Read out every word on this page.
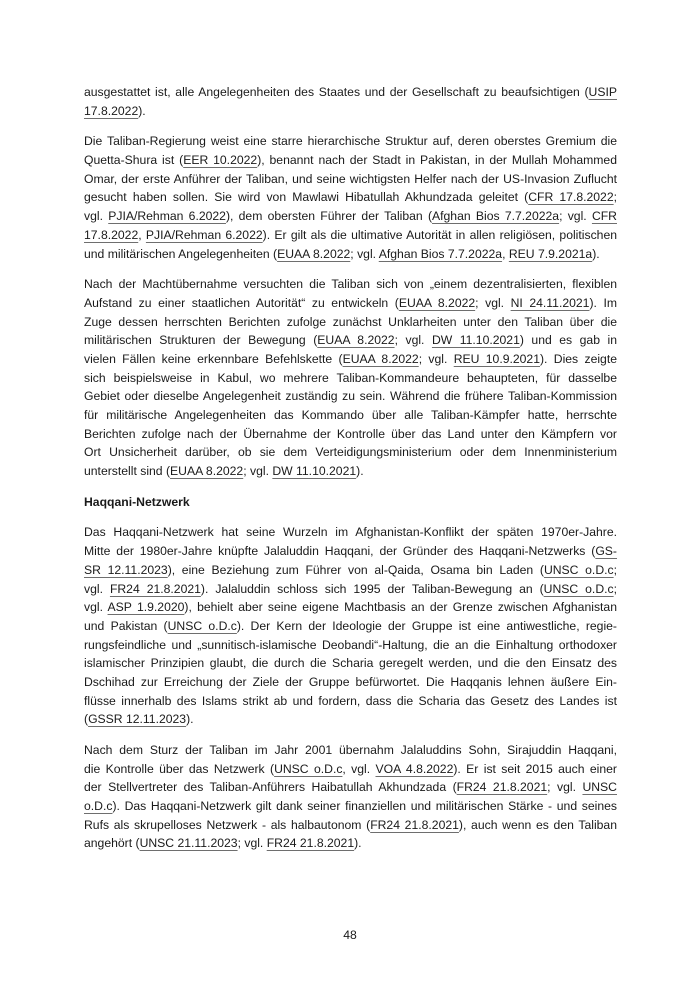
ausgestattet ist, alle Angelegenheiten des Staates und der Gesellschaft zu beaufsichtigen (USIP
17.8.2022).
Die Taliban-Regierung weist eine starre hierarchische Struktur auf, deren oberstes Gremium die
Quetta-Shura ist (EER 10.2022), benannt nach der Stadt in Pakistan, in der Mullah Mohammed
Omar, der erste Anführer der Taliban, und seine wichtigsten Helfer nach der US-Invasion Zuflucht
gesucht haben sollen. Sie wird von Mawlawi Hibatullah Akhundzada geleitet (CFR 17.8.2022;
vgl. PJIA/Rehman 6.2022), dem obersten Führer der Taliban (Afghan Bios 7.7.2022a; vgl. CFR
17.8.2022, PJIA/Rehman 6.2022). Er gilt als die ultimative Autorität in allen religiösen, politischen
und militärischen Angelegenheiten (EUAA 8.2022; vgl. Afghan Bios 7.7.2022a, REU 7.9.2021a).
Nach der Machtübernahme versuchten die Taliban sich von „einem dezentralisierten, flexiblen
Aufstand zu einer staatlichen Autorität“ zu entwickeln (EUAA 8.2022; vgl. NI 24.11.2021). Im
Zuge dessen herrschten Berichten zufolge zunächst Unklarheiten unter den Taliban über die
militärischen Strukturen der Bewegung (EUAA 8.2022; vgl. DW 11.10.2021) und es gab in
vielen Fällen keine erkennbare Befehlskette (EUAA 8.2022; vgl. REU 10.9.2021). Dies zeigte
sich beispielsweise in Kabul, wo mehrere Taliban-Kommandeure behaupteten, für dasselbe
Gebiet oder dieselbe Angelegenheit zuständig zu sein. Während die frühere Taliban-Kommission
für militärische Angelegenheiten das Kommando über alle Taliban-Kämpfer hatte, herrschte
Berichten zufolge nach der Übernahme der Kontrolle über das Land unter den Kämpfern vor
Ort Unsicherheit darüber, ob sie dem Verteidigungsministerium oder dem Innenministerium
unterstellt sind (EUAA 8.2022; vgl. DW 11.10.2021).
Haqqani-Netzwerk
Das Haqqani-Netzwerk hat seine Wurzeln im Afghanistan-Konflikt der späten 1970er-Jahre.
Mitte der 1980er-Jahre knüpfte Jalaluddin Haqqani, der Gründer des Haqqani-Netzwerks (GS-
SR 12.11.2023), eine Beziehung zum Führer von al-Qaida, Osama bin Laden (UNSC o.D.c;
vgl. FR24 21.8.2021). Jalaluddin schloss sich 1995 der Taliban-Bewegung an (UNSC o.D.c;
vgl. ASP 1.9.2020), behielt aber seine eigene Machtbasis an der Grenze zwischen Afghanistan
und Pakistan (UNSC o.D.c). Der Kern der Ideologie der Gruppe ist eine antiwestliche, regie-
rungsfeindliche und „sunnitisch-islamische Deobandi“-Haltung, die an die Einhaltung orthodoxer
islamischer Prinzipien glaubt, die durch die Scharia geregelt werden, und die den Einsatz des
Dschihad zur Erreichung der Ziele der Gruppe befürwortet. Die Haqqanis lehnen äußere Ein-
flüsse innerhalb des Islams strikt ab und fordern, dass die Scharia das Gesetz des Landes ist
(GSSR 12.11.2023).
Nach dem Sturz der Taliban im Jahr 2001 übernahm Jalaluddins Sohn, Sirajuddin Haqqani,
die Kontrolle über das Netzwerk (UNSC o.D.c, vgl. VOA 4.8.2022). Er ist seit 2015 auch einer
der Stellvertreter des Taliban-Anführers Haibatullah Akhundzada (FR24 21.8.2021; vgl. UNSC
o.D.c). Das Haqqani-Netzwerk gilt dank seiner finanziellen und militärischen Stärke - und seines
Rufs als skrupelloses Netzwerk - als halbautonom (FR24 21.8.2021), auch wenn es den Taliban
angehört (UNSC 21.11.2023; vgl. FR24 21.8.2021).
48
